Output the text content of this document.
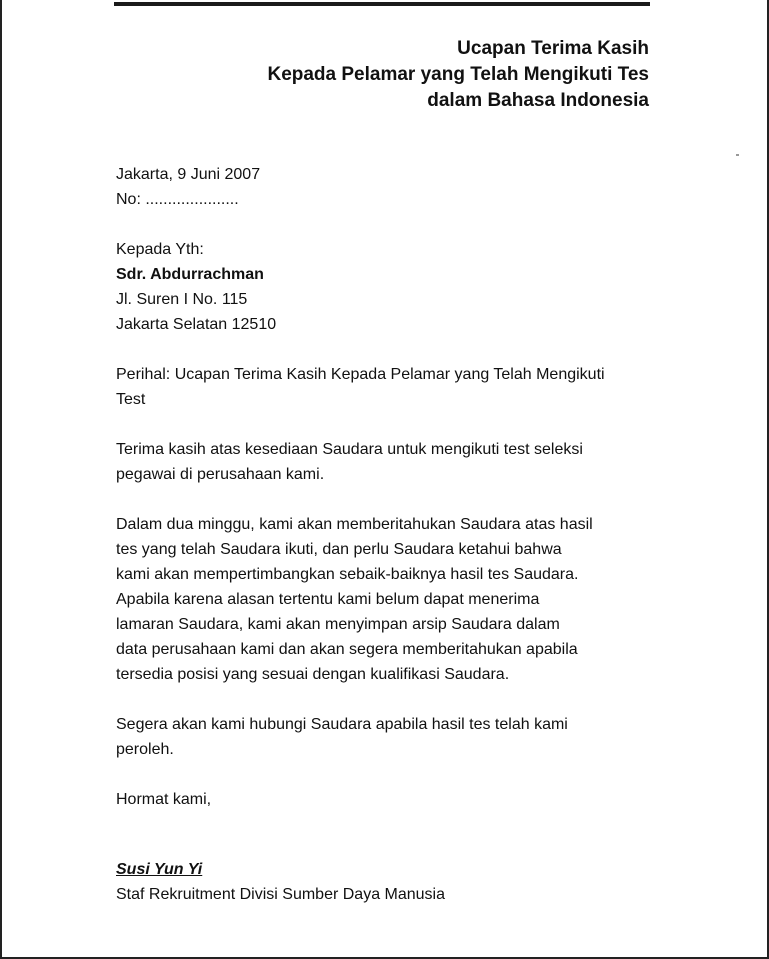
Ucapan Terima Kasih
Kepada Pelamar yang Telah Mengikuti Tes
dalam Bahasa Indonesia
Jakarta, 9 Juni 2007
No: .....................
Kepada Yth:
Sdr. Abdurrachman
Jl. Suren I No. 115
Jakarta Selatan 12510
Perihal: Ucapan Terima Kasih Kepada Pelamar yang Telah Mengikuti
Test
Terima kasih atas kesediaan Saudara untuk mengikuti test seleksi
pegawai di perusahaan kami.
Dalam dua minggu, kami akan memberitahukan Saudara atas hasil
tes yang telah Saudara ikuti, dan perlu Saudara ketahui bahwa
kami akan mempertimbangkan sebaik-baiknya hasil tes Saudara.
Apabila karena alasan tertentu kami belum dapat menerima
lamaran Saudara, kami akan menyimpan arsip Saudara dalam
data perusahaan kami dan akan segera memberitahukan apabila
tersedia posisi yang sesuai dengan kualifikasi Saudara.
Segera akan kami hubungi Saudara apabila hasil tes telah kami
peroleh.
Hormat kami,
Susi Yun Yi
Staf Rekruitment Divisi Sumber Daya Manusia
